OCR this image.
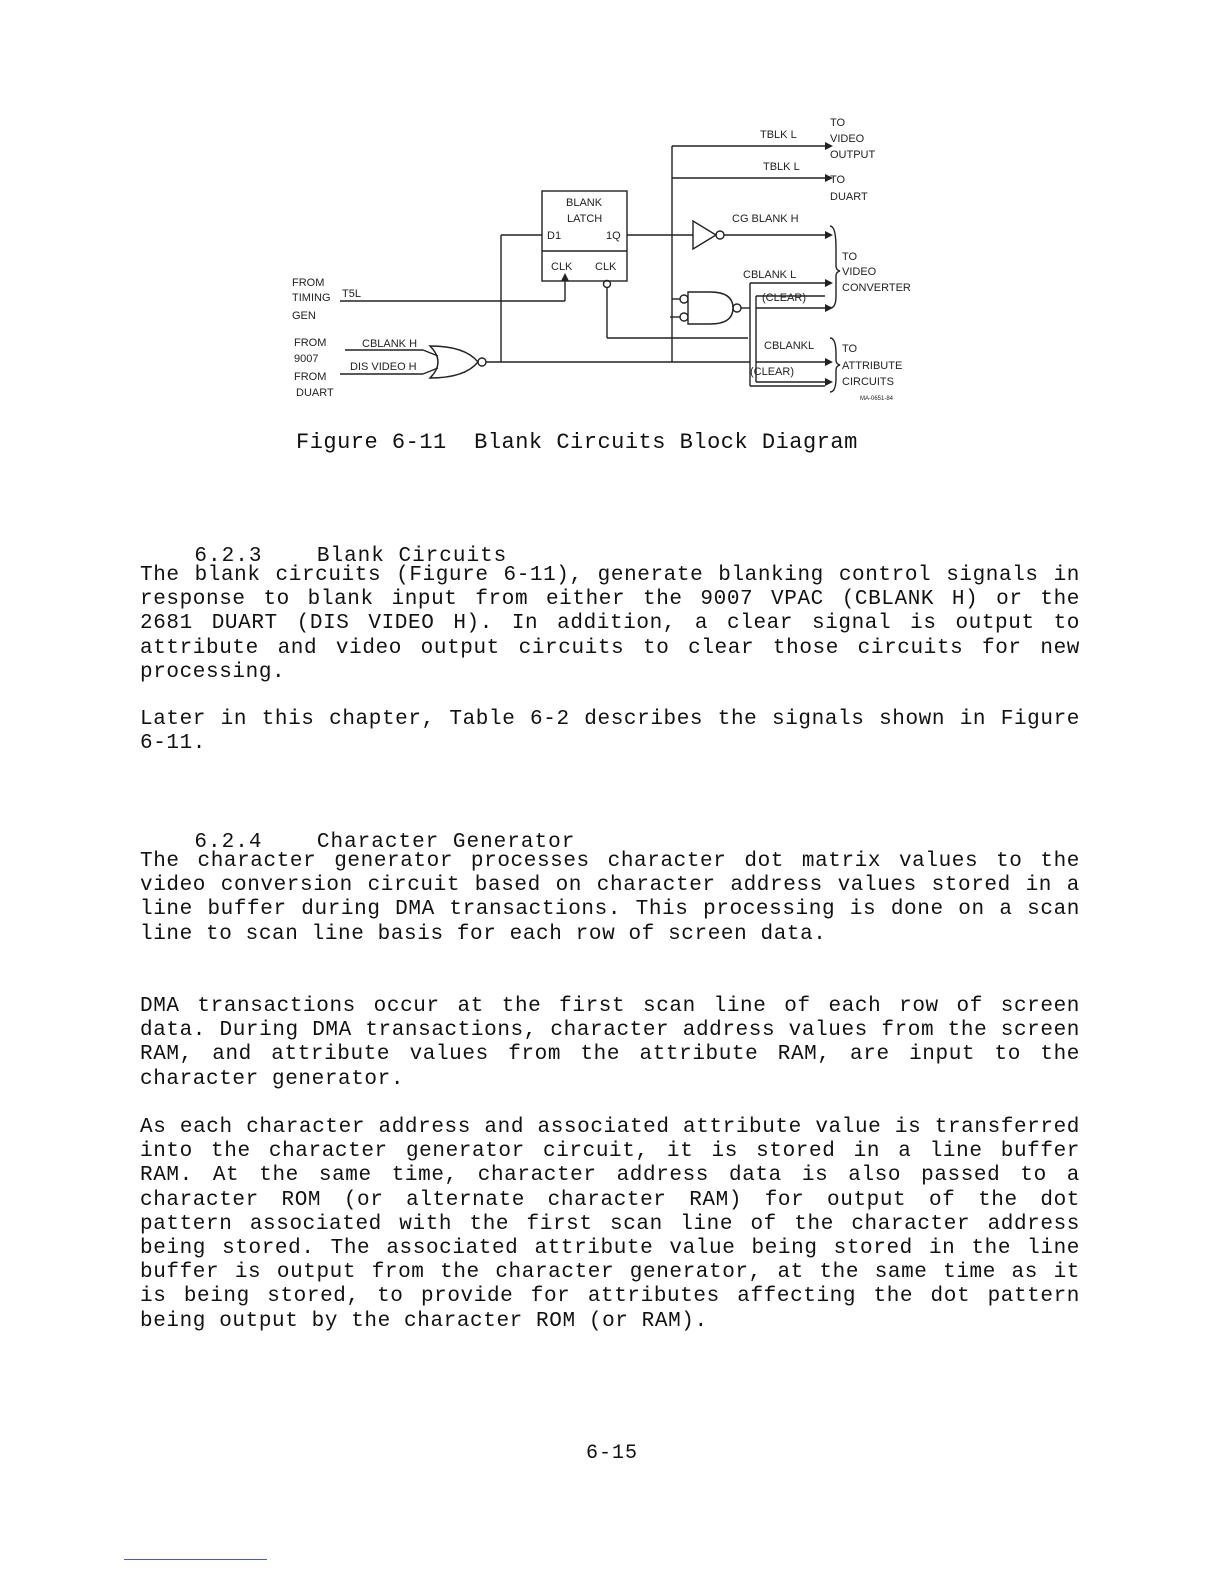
FROM
TIMING
GEN
T5L
FROM
9007
FROM
DUART
CBLANK H
DIS VIDEO H
BLANK
LATCH
D1	1Q
CLK CLK
TBLK L
TBLK L
TO
VIDEO
OUTPUT
TO
DUART
CG BLANK H
CBLANK L
(CLEAR)
TO
VIDEO
CONVERTER
CBLANKL
(CLEAR)
TO
ATTRIBUTE
CIRCUITS
MA-0651-84
Figure 6-11  Blank Circuits Block Diagram

6.2.3	Blank Circuits

The blank circuits (Figure 6-11), generate blanking control signals in response to blank input from either the 9007 VPAC (CBLANK H) or the 2681 DUART (DIS VIDEO H). In addition, a clear signal is output to attribute and video output circuits to clear those circuits for new processing.

Later in this chapter, Table 6-2 describes the signals shown in Figure 6-11.

6.2.4	Character Generator

The character generator processes character dot matrix values to the video conversion circuit based on character address values stored in a line buffer during DMA transactions. This processing is done on a scan line to scan line basis for each row of screen data.

DMA transactions occur at the first scan line of each row of screen data. During DMA transactions, character address values from the screen RAM, and attribute values from the attribute RAM, are input to the character generator.

As each character address and associated attribute value is transferred into the character generator circuit, it is stored in a line buffer RAM. At the same time, character address data is also passed to a character ROM (or alternate character RAM) for output of the dot pattern associated with the first scan line of the character address being stored. The associated attribute value being stored in the line buffer is output from the character generator, at the same time as it is being stored, to provide for attributes affecting the dot pattern being output by the character ROM (or RAM).

6-15
